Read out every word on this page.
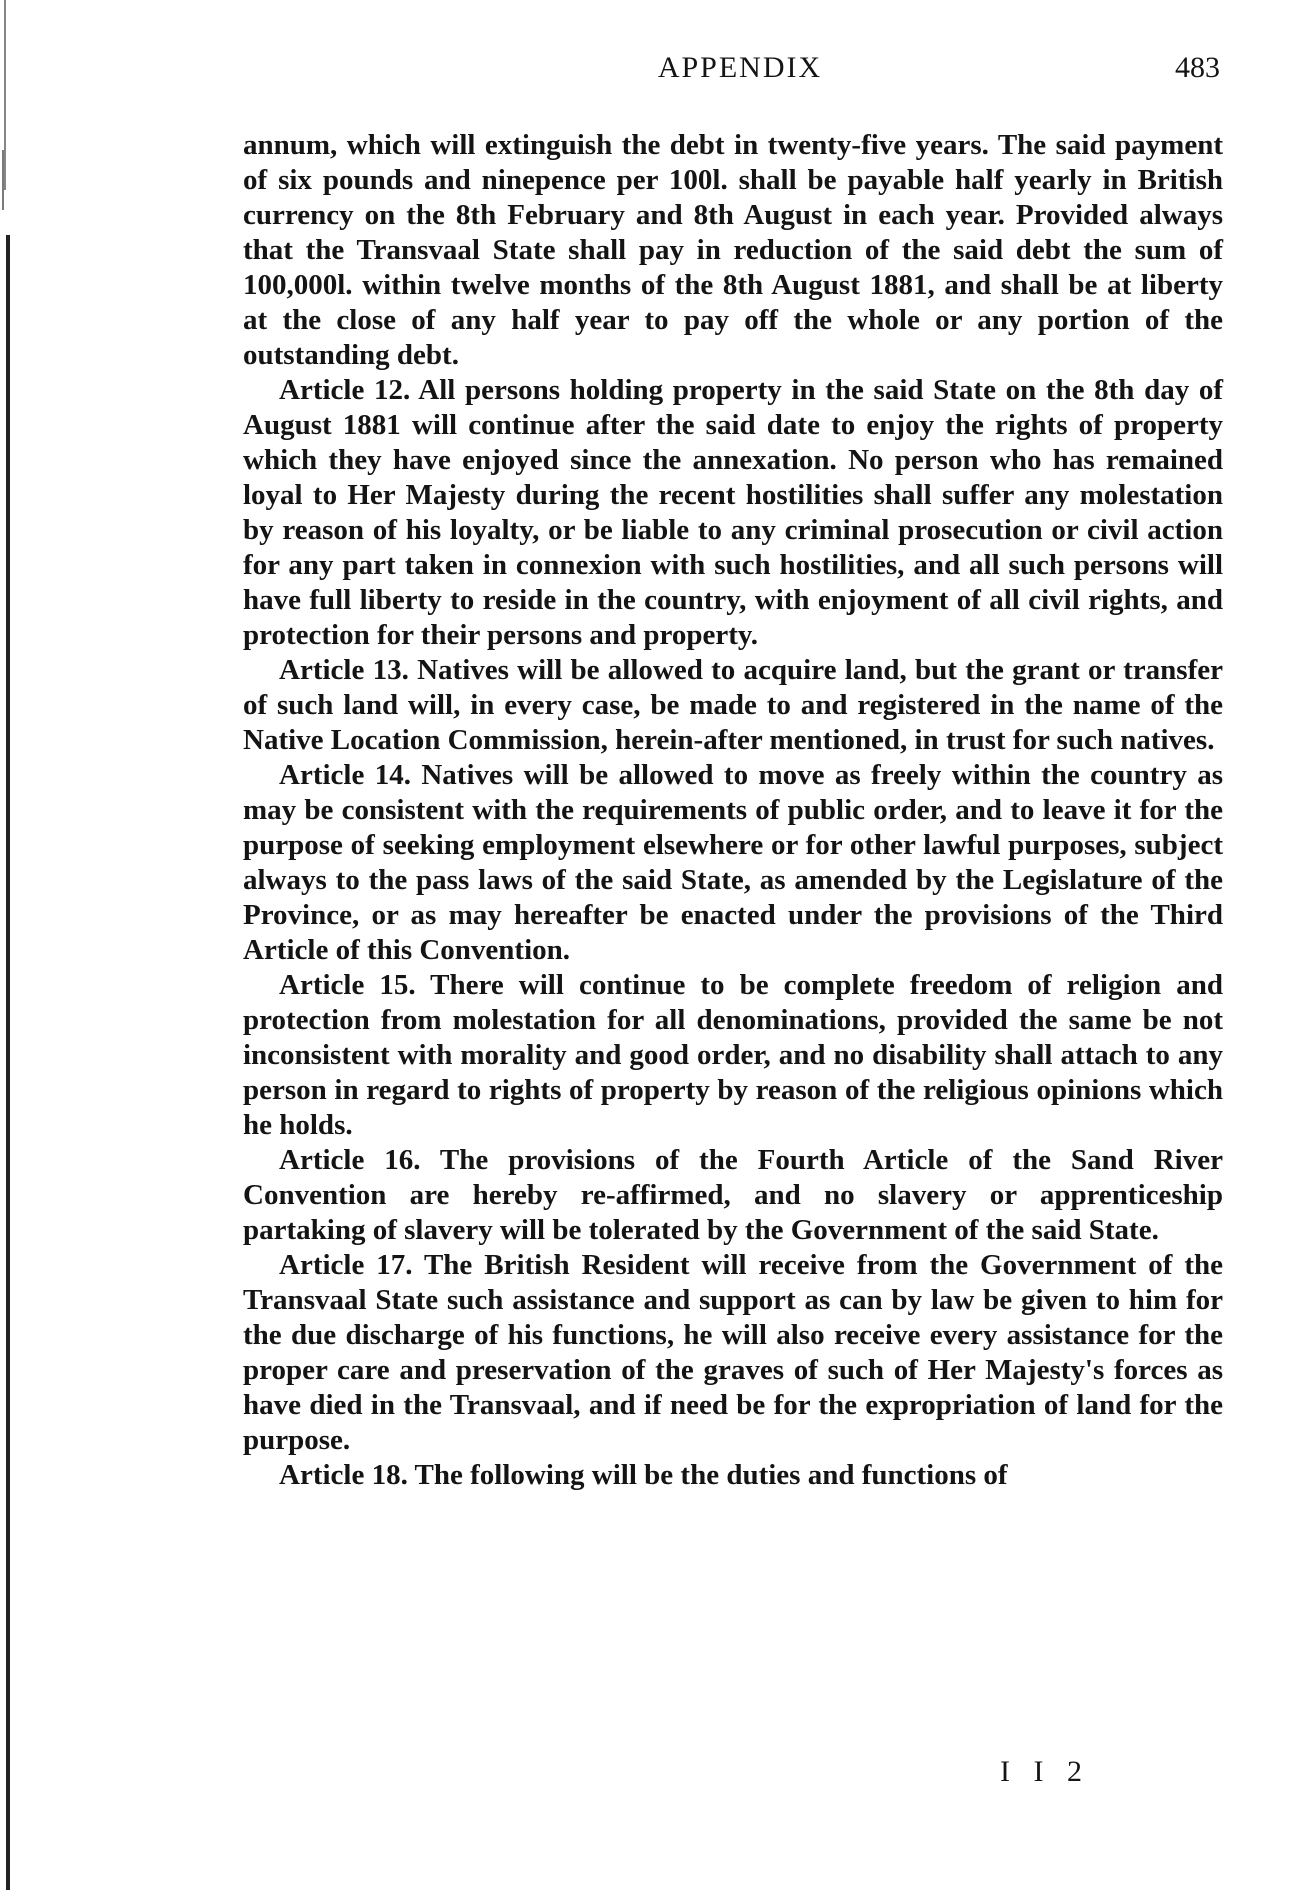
APPENDIX	483

annum, which will extinguish the debt in twenty-five years. The said payment of six pounds and ninepence per 100l. shall be payable half yearly in British currency on the 8th February and 8th August in each year. Provided always that the Transvaal State shall pay in reduction of the said debt the sum of 100,000l. within twelve months of the 8th August 1881, and shall be at liberty at the close of any half year to pay off the whole or any portion of the outstanding debt.

Article 12. All persons holding property in the said State on the 8th day of August 1881 will continue after the said date to enjoy the rights of property which they have enjoyed since the annexation. No person who has remained loyal to Her Majesty during the recent hostilities shall suffer any molestation by reason of his loyalty, or be liable to any criminal prosecution or civil action for any part taken in connexion with such hostilities, and all such persons will have full liberty to reside in the country, with enjoyment of all civil rights, and protection for their persons and property.

Article 13. Natives will be allowed to acquire land, but the grant or transfer of such land will, in every case, be made to and registered in the name of the Native Location Commission, herein-after mentioned, in trust for such natives.

Article 14. Natives will be allowed to move as freely within the country as may be consistent with the requirements of public order, and to leave it for the purpose of seeking employment elsewhere or for other lawful purposes, subject always to the pass laws of the said State, as amended by the Legislature of the Province, or as may hereafter be enacted under the provisions of the Third Article of this Convention.

Article 15. There will continue to be complete freedom of religion and protection from molestation for all denominations, provided the same be not inconsistent with morality and good order, and no disability shall attach to any person in regard to rights of property by reason of the religious opinions which he holds.

Article 16. The provisions of the Fourth Article of the Sand River Convention are hereby re-affirmed, and no slavery or apprenticeship partaking of slavery will be tolerated by the Government of the said State.

Article 17. The British Resident will receive from the Government of the Transvaal State such assistance and support as can by law be given to him for the due discharge of his functions, he will also receive every assistance for the proper care and preservation of the graves of such of Her Majesty's forces as have died in the Transvaal, and if need be for the expropriation of land for the purpose.

Article 18. The following will be the duties and functions of

I I 2
